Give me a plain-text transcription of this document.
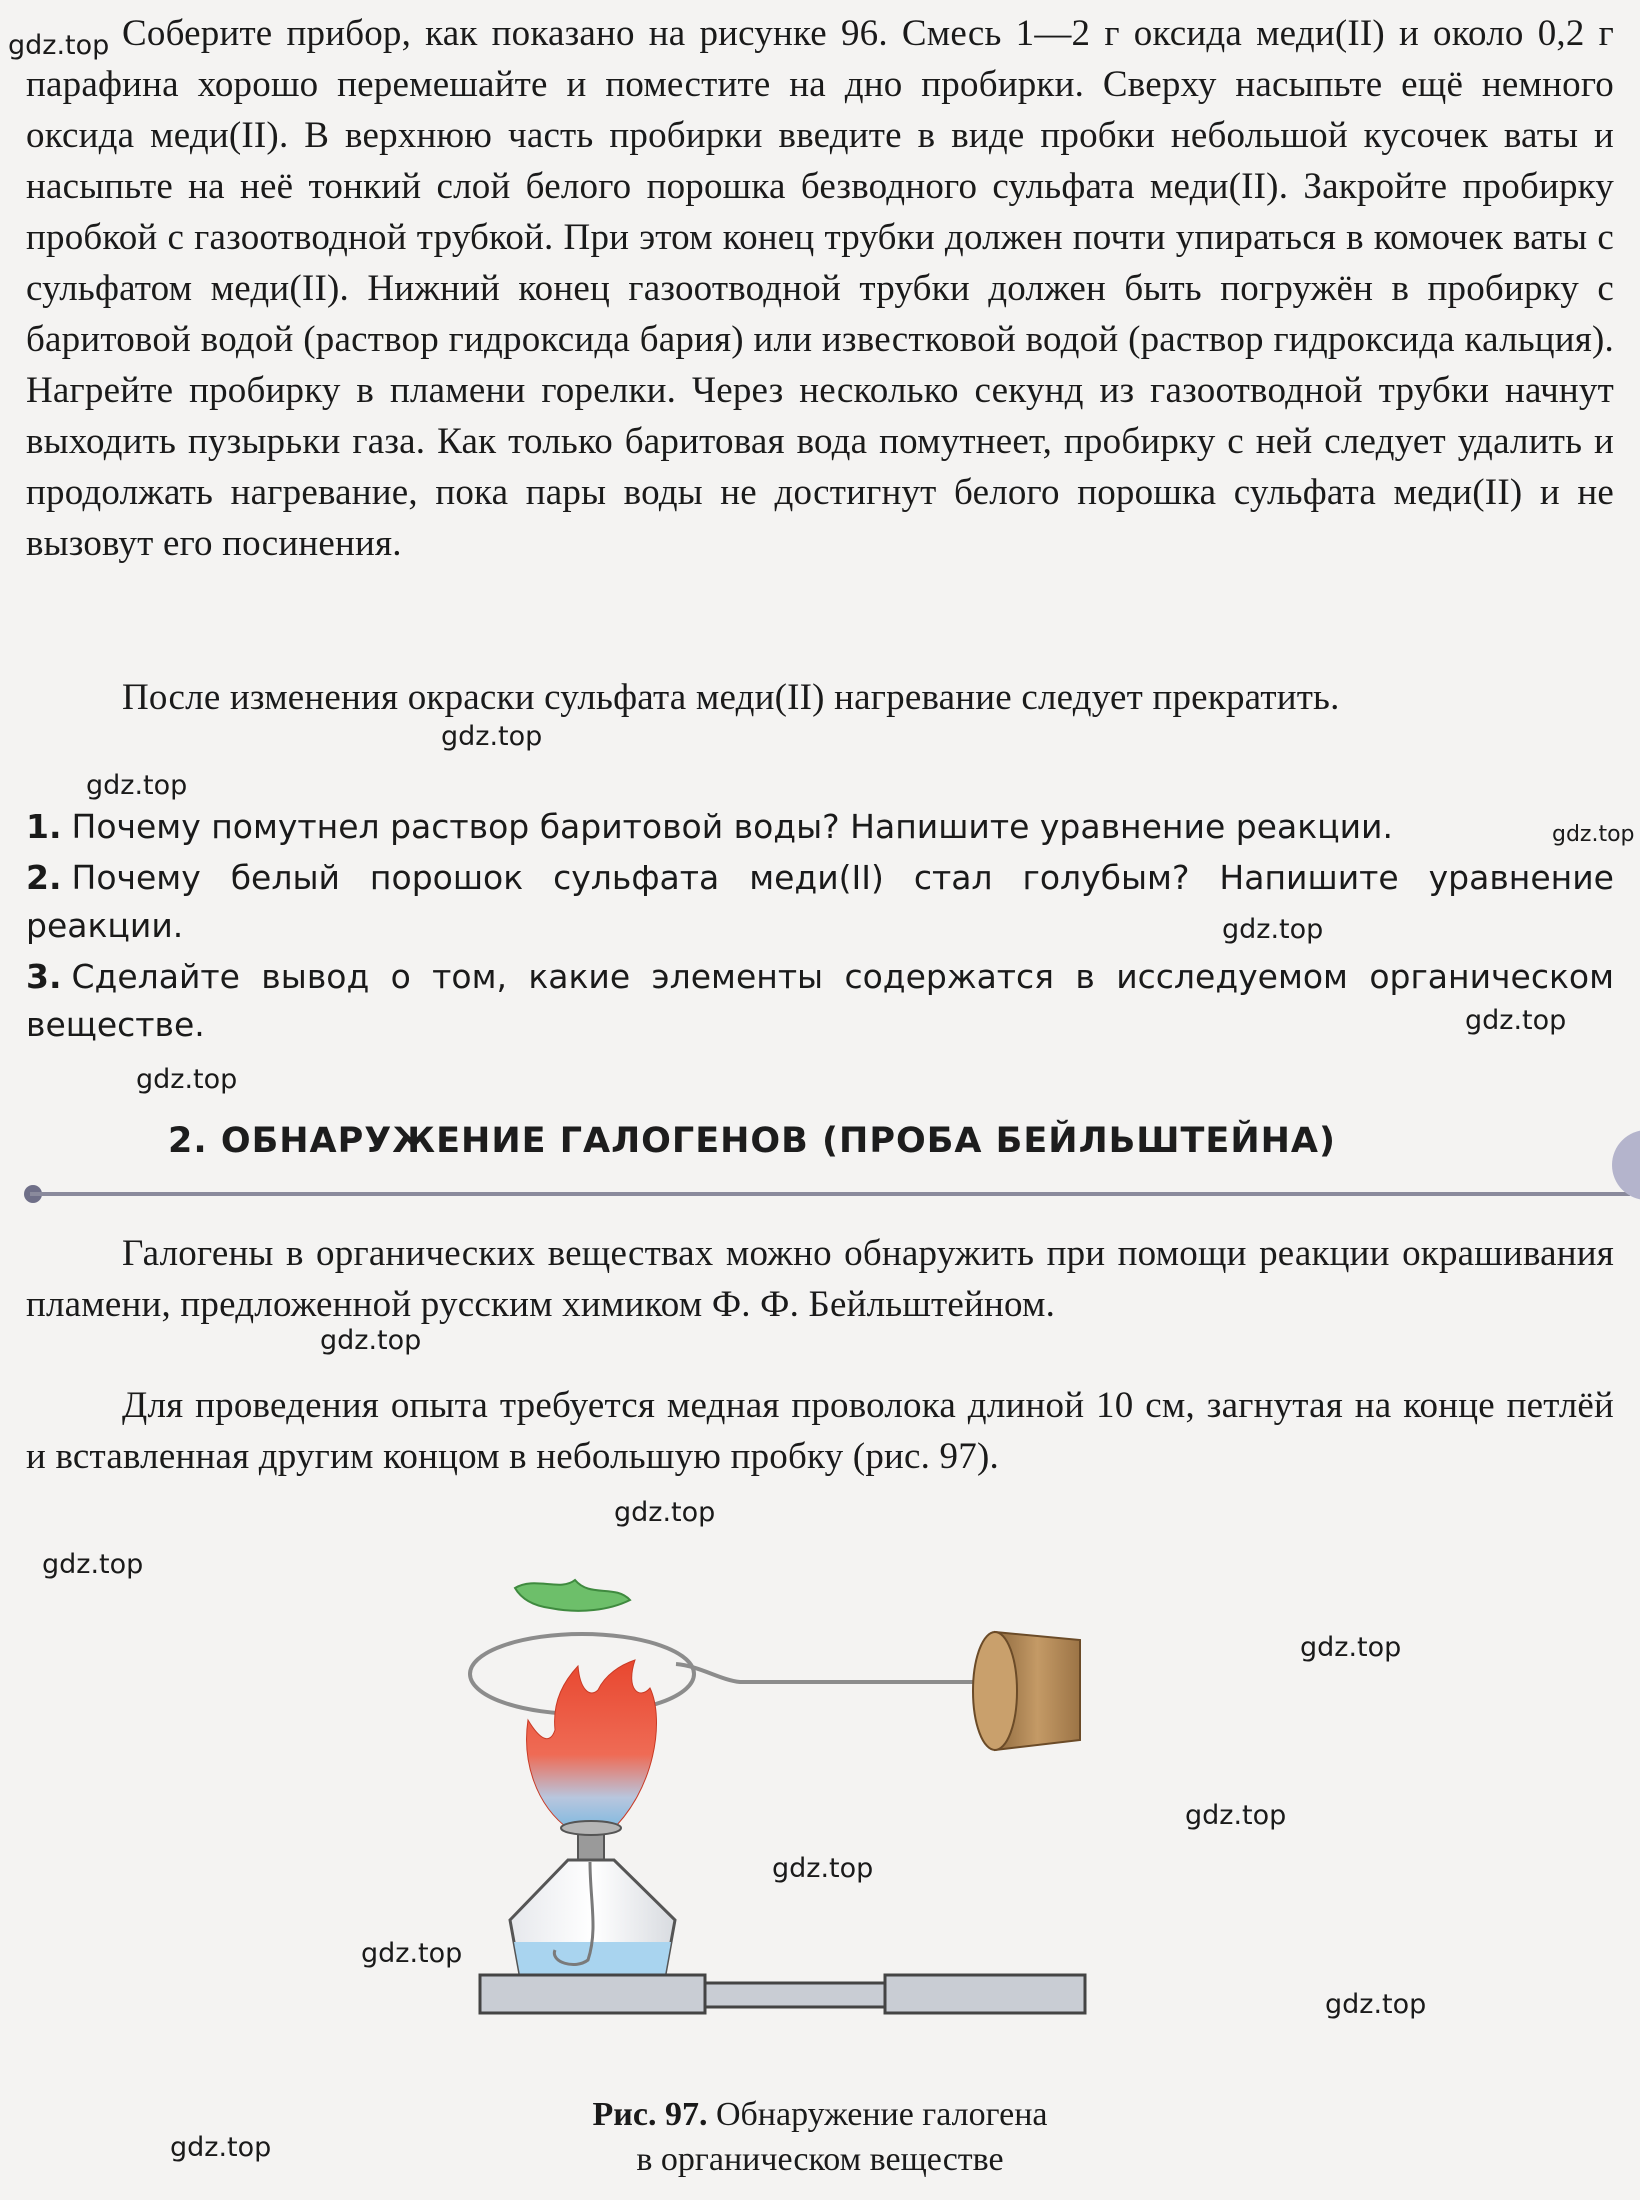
Соберите прибор, как показано на рисунке 96. Смесь 1—2 г оксида меди(II) и около 0,2 г парафина хорошо перемешайте и поместите на дно пробирки. Сверху насыпьте ещё немного оксида меди(II). В верхнюю часть пробирки введите в виде пробки небольшой кусочек ваты и насыпьте на неё тонкий слой белого порошка безводного сульфата меди(II). Закройте пробирку пробкой с газоотводной трубкой. При этом конец трубки должен почти упираться в комочек ваты с сульфатом меди(II). Нижний конец газоотводной трубки должен быть погружён в пробирку с баритовой водой (раствор гидроксида бария) или известковой водой (раствор гидроксида кальция). Нагрейте пробирку в пламени горелки. Через несколько секунд из газоотводной трубки начнут выходить пузырьки газа. Как только баритовая вода помутнеет, пробирку с ней следует удалить и продолжать нагревание, пока пары воды не достигнут белого порошка сульфата меди(II) и не вызовут его посинения.

После изменения окраски сульфата меди(II) нагревание следует прекратить.

1. Почему помутнел раствор баритовой воды? Напишите уравнение реакции.
2. Почему белый порошок сульфата меди(II) стал голубым? Напишите уравнение реакции.
3. Сделайте вывод о том, какие элементы содержатся в исследуемом органическом веществе.
2. ОБНАРУЖЕНИЕ ГАЛОГЕНОВ (ПРОБА БЕЙЛЬШТЕЙНА)

Галогены в органических веществах можно обнаружить при помощи реакции окрашивания пламени, предложенной русским химиком Ф. Ф. Бейльштейном.

Для проведения опыта требуется медная проволока длиной 10 см, загнутая на конце петлёй и вставленная другим концом в небольшую пробку (рис. 97).

Рис. 97. Обнаружение галогена
в органическом веществе

gdz.top
gdz.top
gdz.top
gdz.top
gdz.top
gdz.top
gdz.top
gdz.top
gdz.top
gdz.top
gdz.top
gdz.top
gdz.top
gdz.top
gdz.top
gdz.top
